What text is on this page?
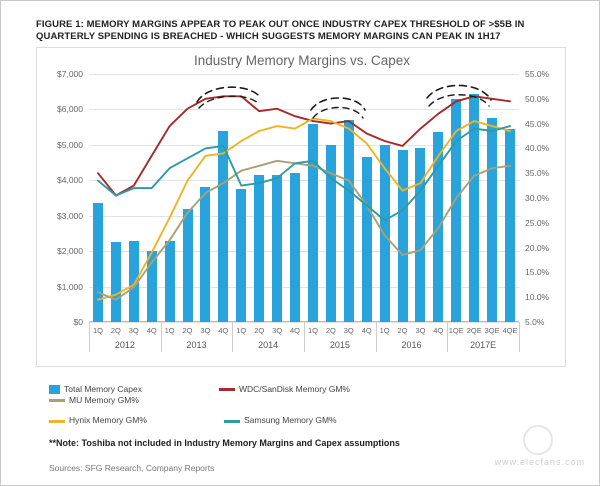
FIGURE 1: MEMORY MARGINS APPEAR TO PEAK OUT ONCE INDUSTRY CAPEX THRESHOLD OF >$5B IN QUARTERLY SPENDING IS BREACHED - WHICH SUGGESTS MEMORY MARGINS CAN PEAK IN 1H17
Industry Memory Margins vs. Capex
$0
$1,000
$2,000
$3,000
$4,000
$5,000
$6,000
$7,000
5.0%
10.0%
15.0%
20.0%
25.0%
30.0%
35.0%
40.0%
45.0%
50.0%
55.0%
1Q	2Q	3Q	4Q	1Q	2Q	3Q	4Q	1Q	2Q	3Q	4Q	1Q	2Q	3Q	4Q	1Q	2Q	3Q	4Q 1QE 2QE 3QE 4QE
2012	2013	2014	2015	2016	2017E
Total Memory Capex	WDC/SanDisk Memory GM%MU Memory GM%
Hynix Memory GM%	Samsung Memory GM%
**Note: Toshiba not included in Industry Memory Margins and Capex assumptions
Sources: SFG Research, Company Reports
www.elecfans.com
